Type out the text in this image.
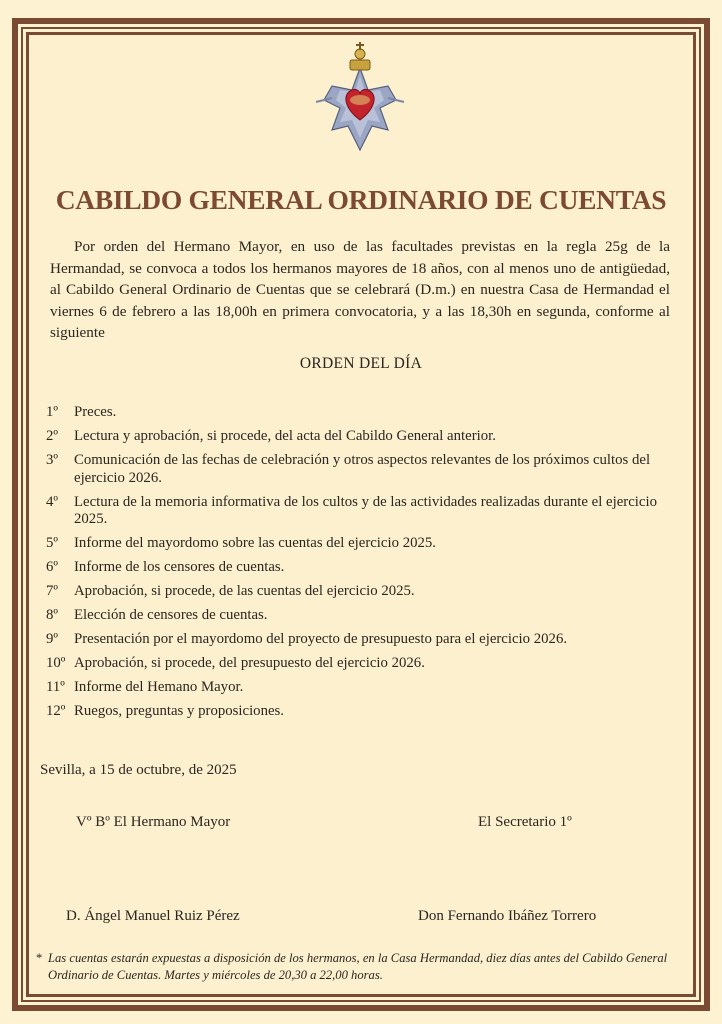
CABILDO GENERAL ORDINARIO DE CUENTAS

Por orden del Hermano Mayor, en uso de las facultades previstas en la regla 25g de la Hermandad, se convoca a todos los hermanos mayores de 18 años, con al menos uno de antigüedad, al Cabildo General Ordinario de Cuentas que se celebrará (D.m.) en nuestra Casa de Hermandad el viernes 6 de febrero a las 18,00h en primera convocatoria, y a las 18,30h en segunda, conforme al siguiente

ORDEN DEL DÍA
1º	Preces.
2º	Lectura y aprobación, si procede, del acta del Cabildo General anterior.
3º	Comunicación de las fechas de celebración y otros aspectos relevantes de los próximos cultos del ejercicio 2026.
4º	Lectura de la memoria informativa de los cultos y de las actividades realizadas durante el ejercicio 2025.
5º	Informe del mayordomo sobre las cuentas del ejercicio 2025.
6º	Informe de los censores de cuentas.
7º	Aprobación, si procede, de las cuentas del ejercicio 2025.
8º	Elección de censores de cuentas.
9º	Presentación por el mayordomo del proyecto de presupuesto para el ejercicio 2026.
10º Aprobación, si procede, del presupuesto del ejercicio 2026.
11º Informe del Hemano Mayor.
12º Ruegos, preguntas y proposiciones.
Sevilla, a 15 de octubre, de 2025
Vº Bº El Hermano Mayor	El Secretario 1º
D. Ángel Manuel Ruiz Pérez	Don Fernando Ibáñez Torrero
* Las cuentas estarán expuestas a disposición de los hermanos, en la Casa Hermandad, diez días antes del Cabildo General Ordinario de Cuentas. Martes y miércoles de 20,30 a 22,00 horas.
